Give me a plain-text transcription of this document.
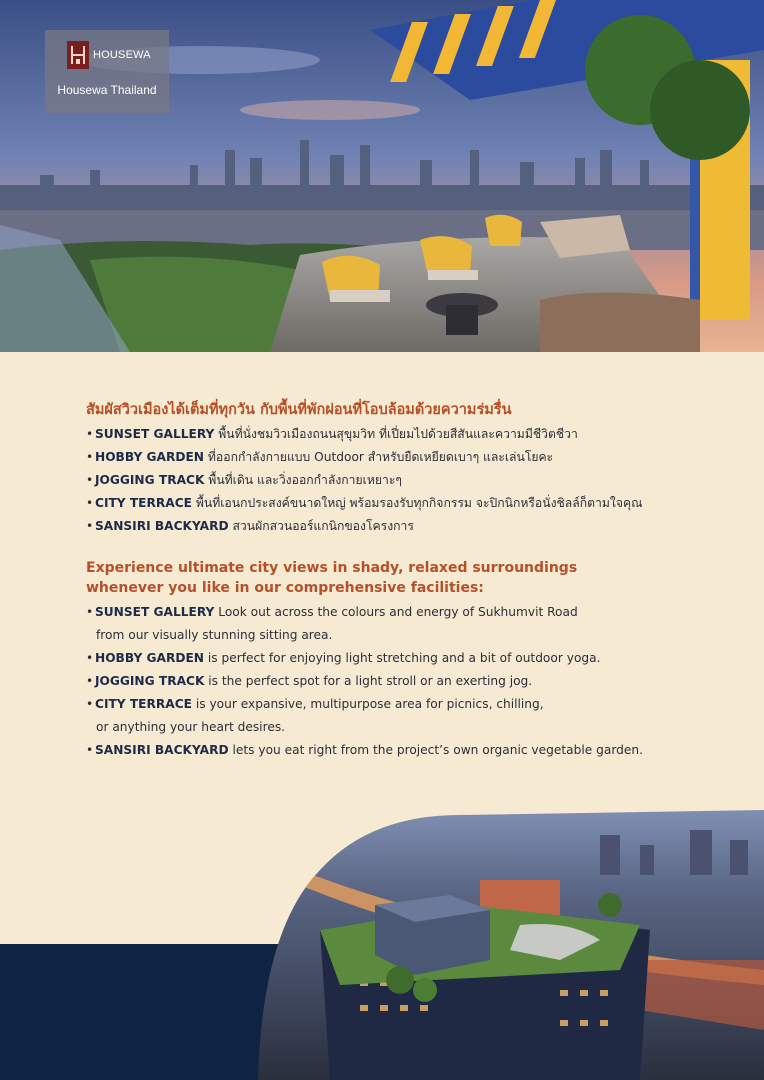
HOUSEWA
Housewa Thailand

สัมผัสวิวเมืองได้เต็มที่ทุกวัน กับพื้นที่พักผ่อนที่โอบล้อมด้วยความร่มรื่น

• SUNSET GALLERY พื้นที่นั่งชมวิวเมืองถนนสุขุมวิท ที่เปี่ยมไปด้วยสีสันและความมีชีวิตชีวา
• HOBBY GARDEN ที่ออกกำลังกายแบบ Outdoor สำหรับยืดเหยียดเบาๆ และเล่นโยคะ
• JOGGING TRACK พื้นที่เดิน และวิ่งออกกำลังกายเหยาะๆ
• CITY TERRACE พื้นที่เอนกประสงค์ขนาดใหญ่ พร้อมรองรับทุกกิจกรรม จะปิกนิกหรือนั่งชิลล์ก็ตามใจคุณ
• SANSIRI BACKYARD สวนผักสวนออร์แกนิกของโครงการ

Experience ultimate city views in shady, relaxed surroundings
whenever you like in our comprehensive facilities:

• SUNSET GALLERY Look out across the colours and energy of Sukhumvit Road
from our visually stunning sitting area.
• HOBBY GARDEN is perfect for enjoying light stretching and a bit of outdoor yoga.
• JOGGING TRACK is the perfect spot for a light stroll or an exerting jog.
• CITY TERRACE is your expansive, multipurpose area for picnics, chilling,
or anything your heart desires.
• SANSIRI BACKYARD lets you eat right from the project’s own organic vegetable garden.
